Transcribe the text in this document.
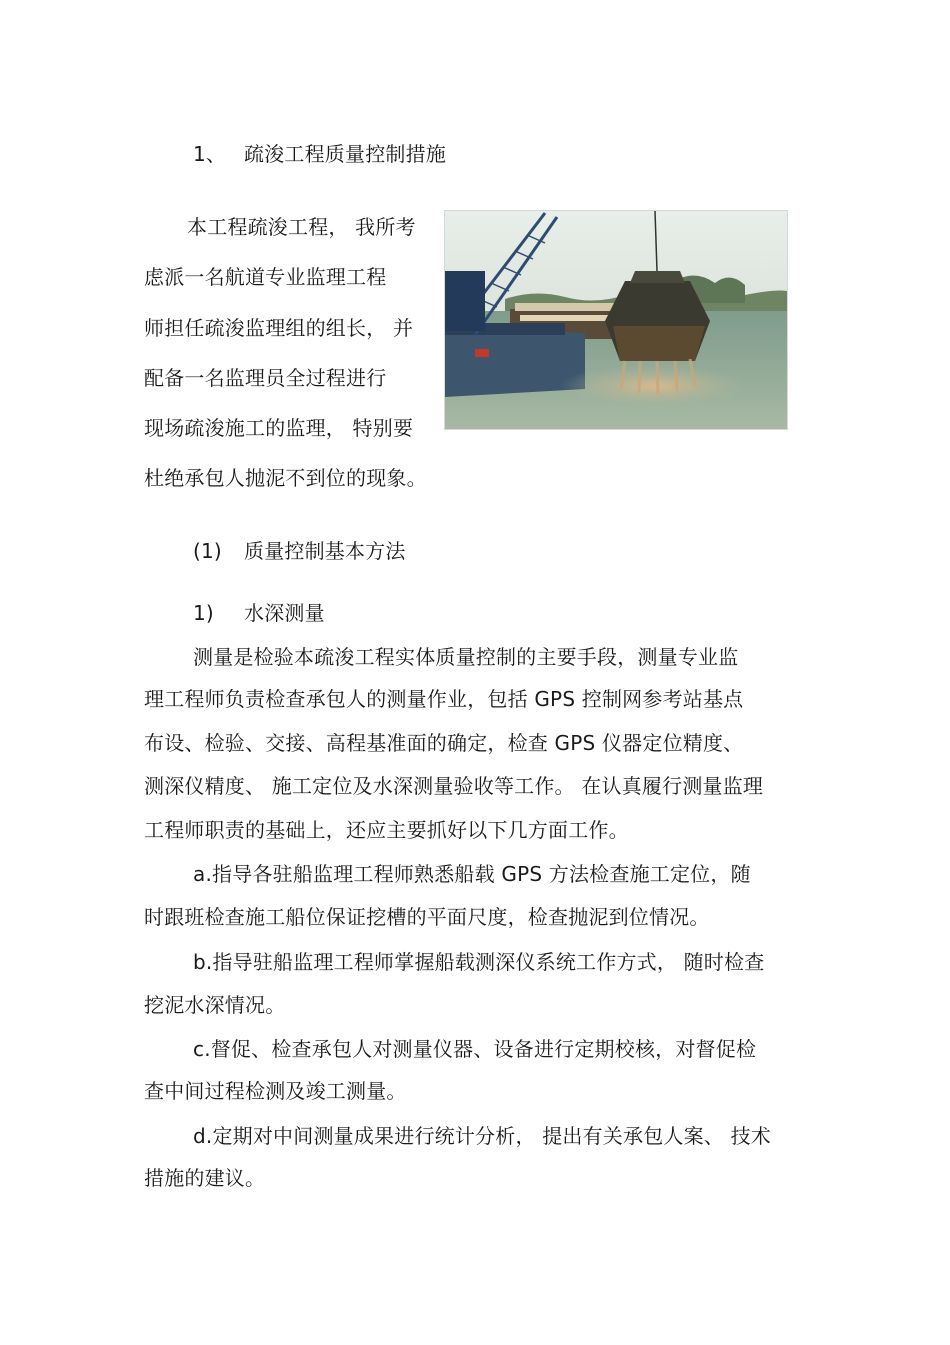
1、 疏浚工程质量控制措施
本工程疏浚工程， 我所考
虑派一名航道专业监理工程
师担任疏浚监理组的组长， 并
配备一名监理员全过程进行
现场疏浚施工的监理， 特别要
杜绝承包人抛泥不到位的现象。
(1) 质量控制基本方法
1) 水深测量
测量是检验本疏浚工程实体质量控制的主要手段，测量专业监
理工程师负责检查承包人的测量作业，包括 GPS 控制网参考站基点
布设、检验、交接、高程基准面的确定，检查 GPS 仪器定位精度、
测深仪精度、 施工定位及水深测量验收等工作。 在认真履行测量监理
工程师职责的基础上，还应主要抓好以下几方面工作。
a.指导各驻船监理工程师熟悉船载 GPS 方法检查施工定位，随
时跟班检查施工船位保证挖槽的平面尺度，检查抛泥到位情况。
b.指导驻船监理工程师掌握船载测深仪系统工作方式， 随时检查
挖泥水深情况。
c.督促、检查承包人对测量仪器、设备进行定期校核，对督促检
查中间过程检测及竣工测量。
d.定期对中间测量成果进行统计分析， 提出有关承包人案、 技术
措施的建议。
